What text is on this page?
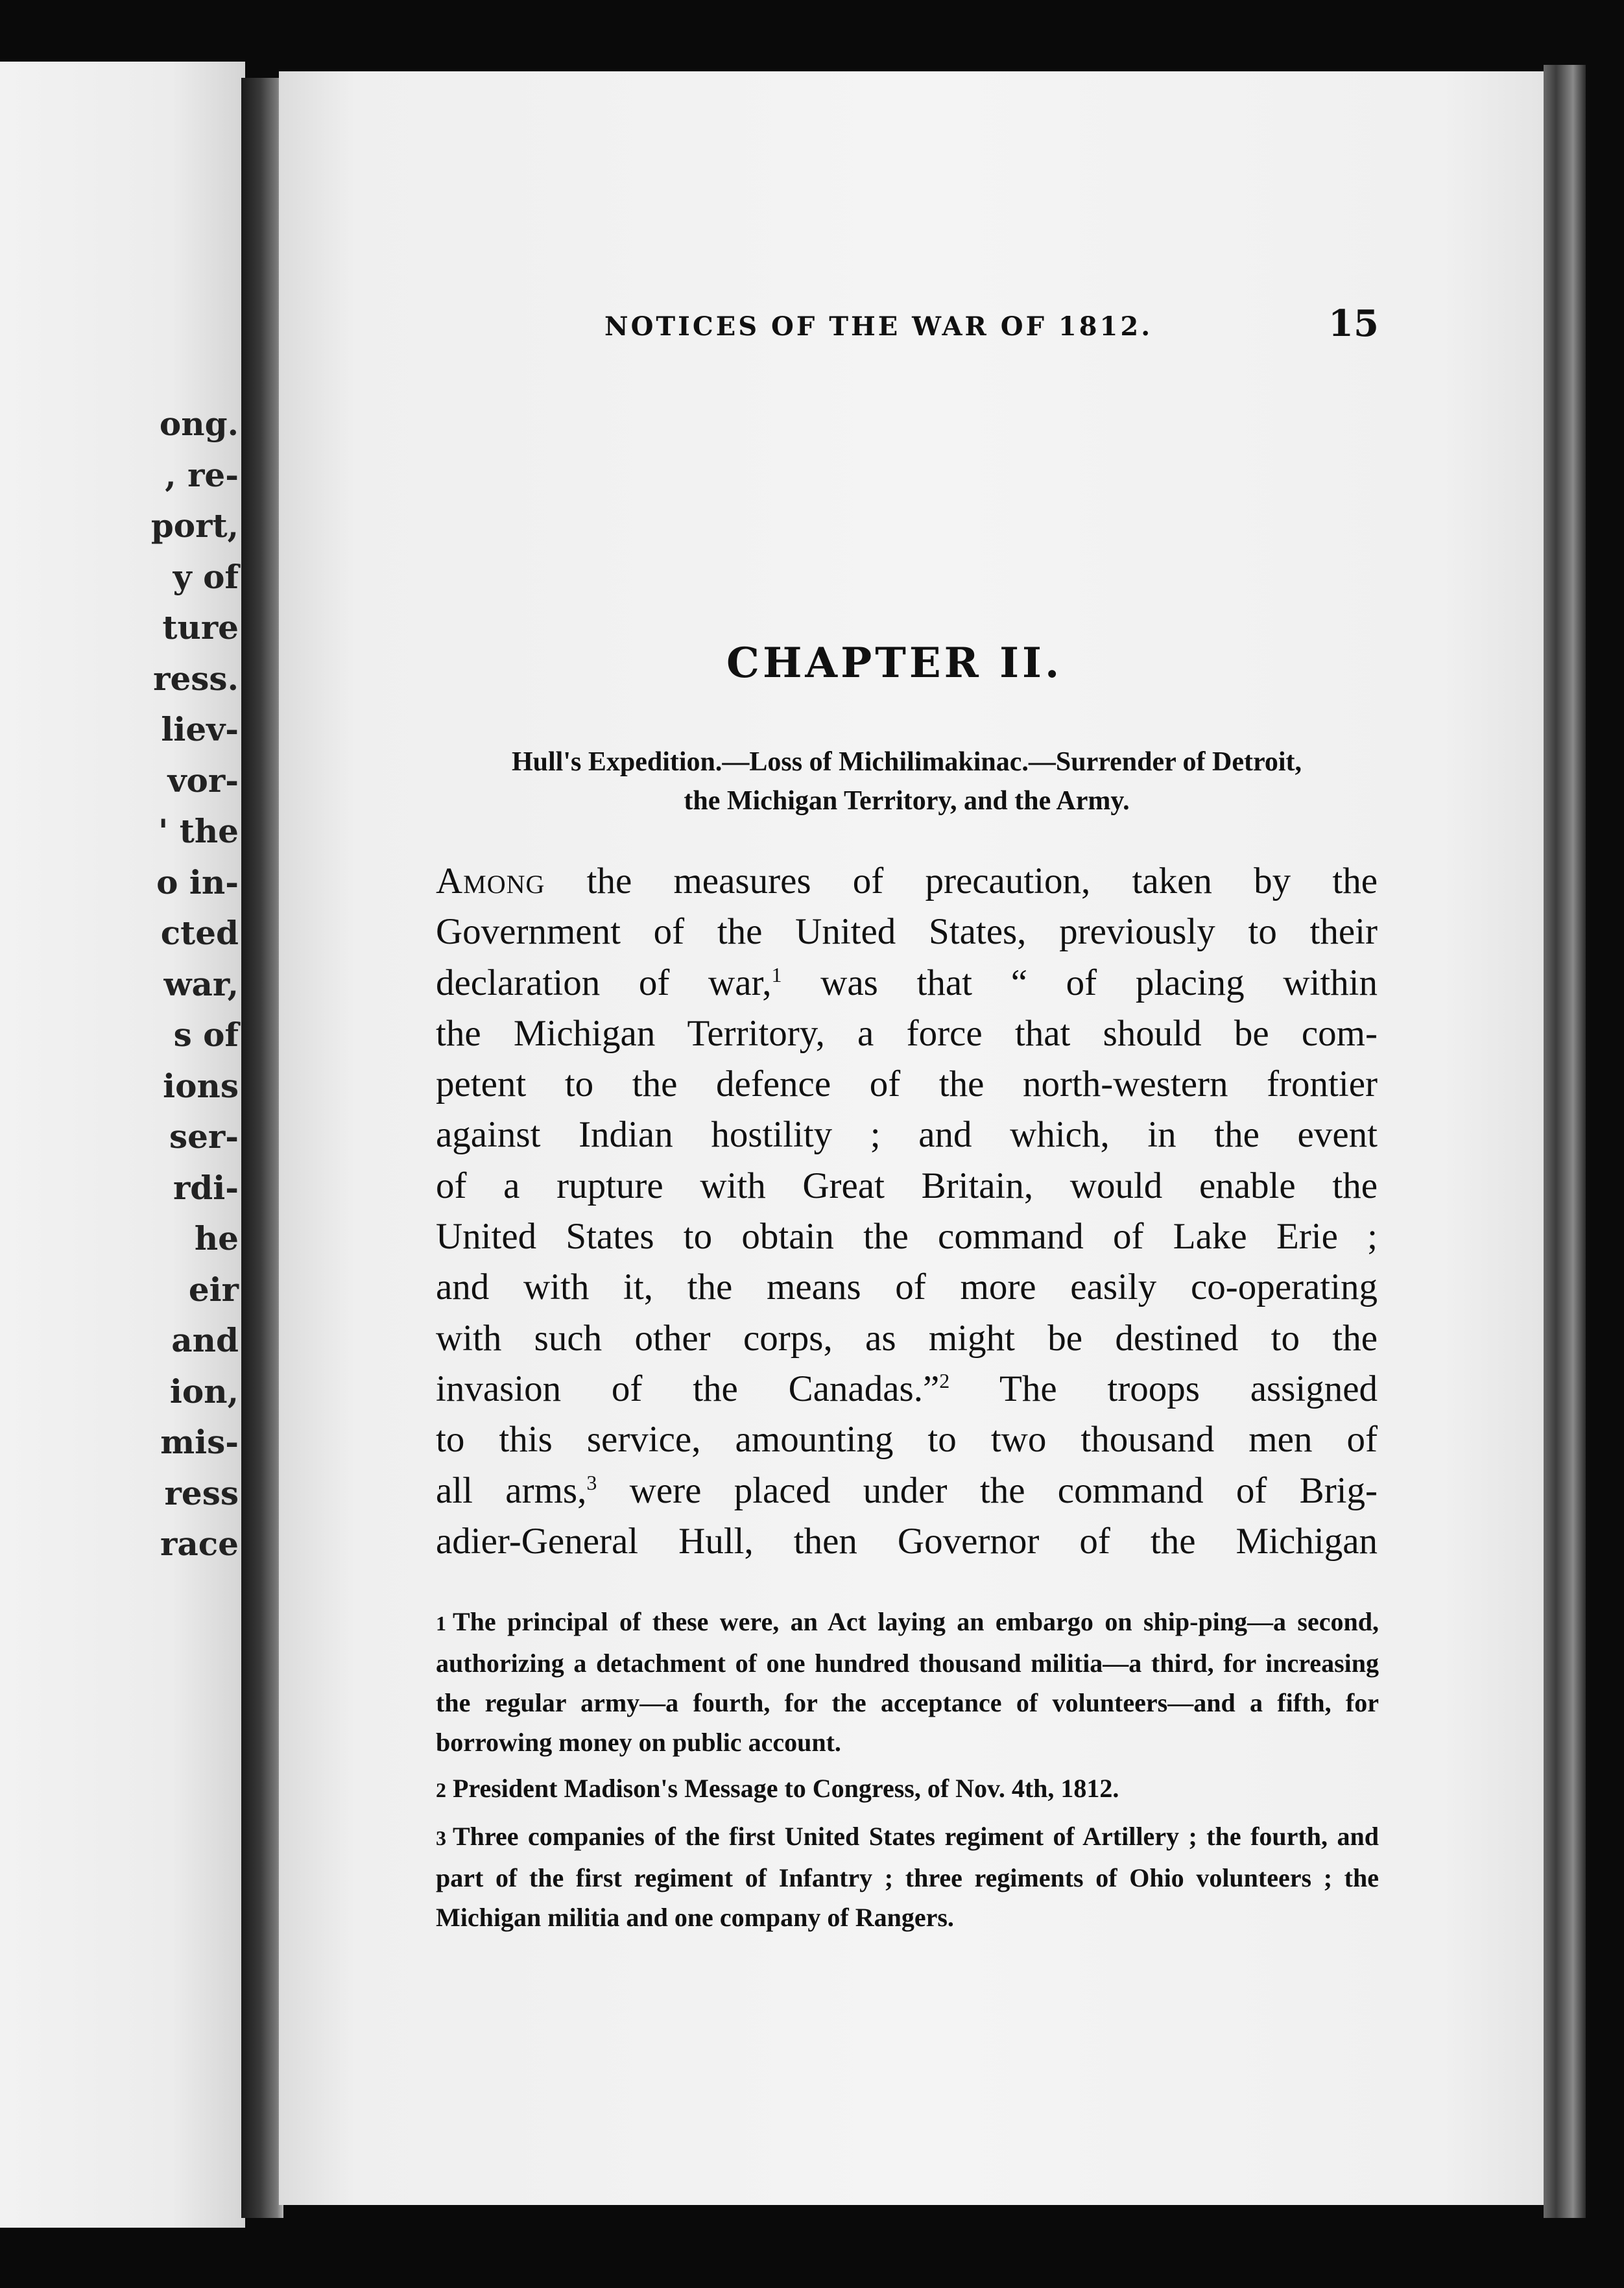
ong.
, re-
port,
y of
ture
ress.
liev-
vor-
' the
o in-
cted
war,
s of
ions
ser-
rdi-
he
eir
and
ion,
mis-
ress
race
NOTICES OF THE WAR OF 1812.	15
CHAPTER II.
Hull's Expedition.—Loss of Michilimakinac.—Surrender of Detroit,
the Michigan Territory, and the Army.
Among the measures of precaution, taken by the
Government of the United States, previously to their
declaration of war,$^1$ was that “ of placing within
the Michigan Territory, a force that should be com-
petent to the defence of the north-western frontier
against Indian hostility ; and which, in the event
of a rupture with Great Britain, would enable the
United States to obtain the command of Lake Erie ;
and with it, the means of more easily co-operating
with such other corps, as might be destined to the
invasion of the Canadas.”$^2$ The troops assigned
to this service, amounting to two thousand men of
all arms,$^3$ were placed under the command of Brig-
adier-General Hull, then Governor of the Michigan
1 The principal of these were, an Act laying an embargo on ship-ping—a second, authorizing a detachment of one hundred thousand militia—a third, for increasing the regular army—a fourth, for the acceptance of volunteers—and a fifth, for borrowing money on public account.
2 President Madison's Message to Congress, of Nov. 4th, 1812.
3 Three companies of the first United States regiment of Artillery ; the fourth, and part of the first regiment of Infantry ; three regiments of Ohio volunteers ; the Michigan militia and one company of Rangers.
